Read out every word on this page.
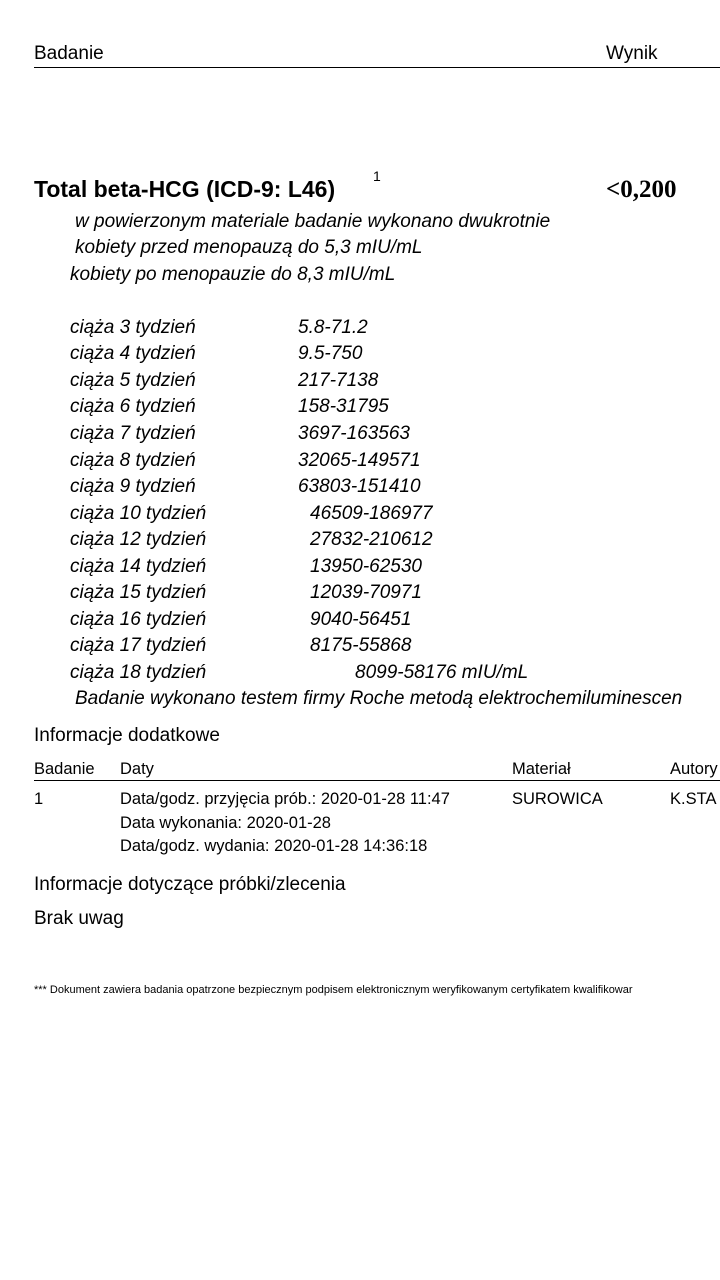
Badanie	Wynik
Total beta-HCG (ICD-9: L46)	1	<0,200
w powierzonym materiale badanie wykonano dwukrotnie
kobiety przed menopauzą do 5,3 mIU/mL
kobiety po menopauzie do 8,3 mIU/mL
ciąża 3 tydzień	5.8-71.2
ciąża 4 tydzień	9.5-750
ciąża 5 tydzień	217-7138
ciąża 6 tydzień	158-31795
ciąża 7 tydzień	3697-163563
ciąża 8 tydzień	32065-149571
ciąża 9 tydzień	63803-151410
ciąża 10 tydzień	46509-186977
ciąża 12 tydzień	27832-210612
ciąża 14 tydzień	13950-62530
ciąża 15 tydzień	12039-70971
ciąża 16 tydzień	9040-56451
ciąża 17 tydzień	8175-55868
ciąża 18 tydzień	8099-58176 mIU/mL
Badanie wykonano testem firmy Roche metodą elektrochemiluminescen
Informacje dodatkowe
Badanie Daty	Materiał	Autory
1	Data/godz. przyjęcia prób.: 2020-01-28 11:47
Data wykonania: 2020-01-28
Data/godz. wydania: 2020-01-28 14:36:18
SUROWICA	K.STA
Informacje dotyczące próbki/zlecenia
Brak uwag
*** Dokument zawiera badania opatrzone bezpiecznym podpisem elektronicznym weryfikowanym certyfikatem kwalifikowar
